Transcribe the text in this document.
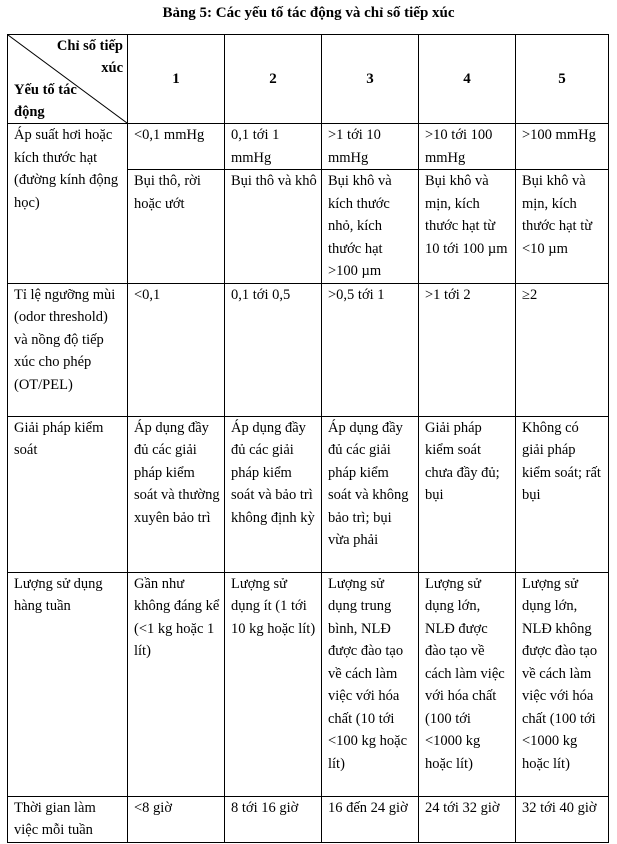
Bảng 5: Các yếu tố tác động và chỉ số tiếp xúc
Chỉ số tiếp xúc
Yếu tố tác động	1	2	3	4	5
Áp suất hơi hoặc kích thước hạt (đường kính động học)	<0,1 mmHg	0,1 tới 1 mmHg	>1 tới 10 mmHg	>10 tới 100 mmHg	>100 mmHg
	Bụi thô, rời hoặc ướt	Bụi thô và khô	Bụi khô và kích thước nhỏ, kích thước hạt >100 µm	Bụi khô và mịn, kích thước hạt từ 10 tới 100 µm	Bụi khô và mịn, kích thước hạt từ <10 µm
Tỉ lệ ngưỡng mùi (odor threshold) và nồng độ tiếp xúc cho phép (OT/PEL)	<0,1	0,1 tới 0,5	>0,5 tới 1	>1 tới 2	≥2
Giải pháp kiểm soát	Áp dụng đầy đủ các giải pháp kiểm soát và thường xuyên bảo trì	Áp dụng đầy đủ các giải pháp kiểm soát và bảo trì không định kỳ	Áp dụng đầy đủ các giải pháp kiểm soát và không bảo trì; bụi vừa phải	Giải pháp kiểm soát chưa đầy đủ; bụi	Không có giải pháp kiểm soát; rất bụi
Lượng sử dụng hàng tuần	Gần như không đáng kể (<1 kg hoặc 1 lít)	Lượng sử dụng ít (1 tới 10 kg hoặc lít)	Lượng sử dụng trung bình, NLĐ được đào tạo về cách làm việc với hóa chất (10 tới <100 kg hoặc lít)	Lượng sử dụng lớn, NLĐ được đào tạo về cách làm việc với hóa chất (100 tới <1000 kg hoặc lít)	Lượng sử dụng lớn, NLĐ không được đào tạo về cách làm việc với hóa chất (100 tới <1000 kg hoặc lít)
Thời gian làm việc mỗi tuần	<8 giờ	8 tới 16 giờ	16 đến 24 giờ	24 tới 32 giờ	32 tới 40 giờ
